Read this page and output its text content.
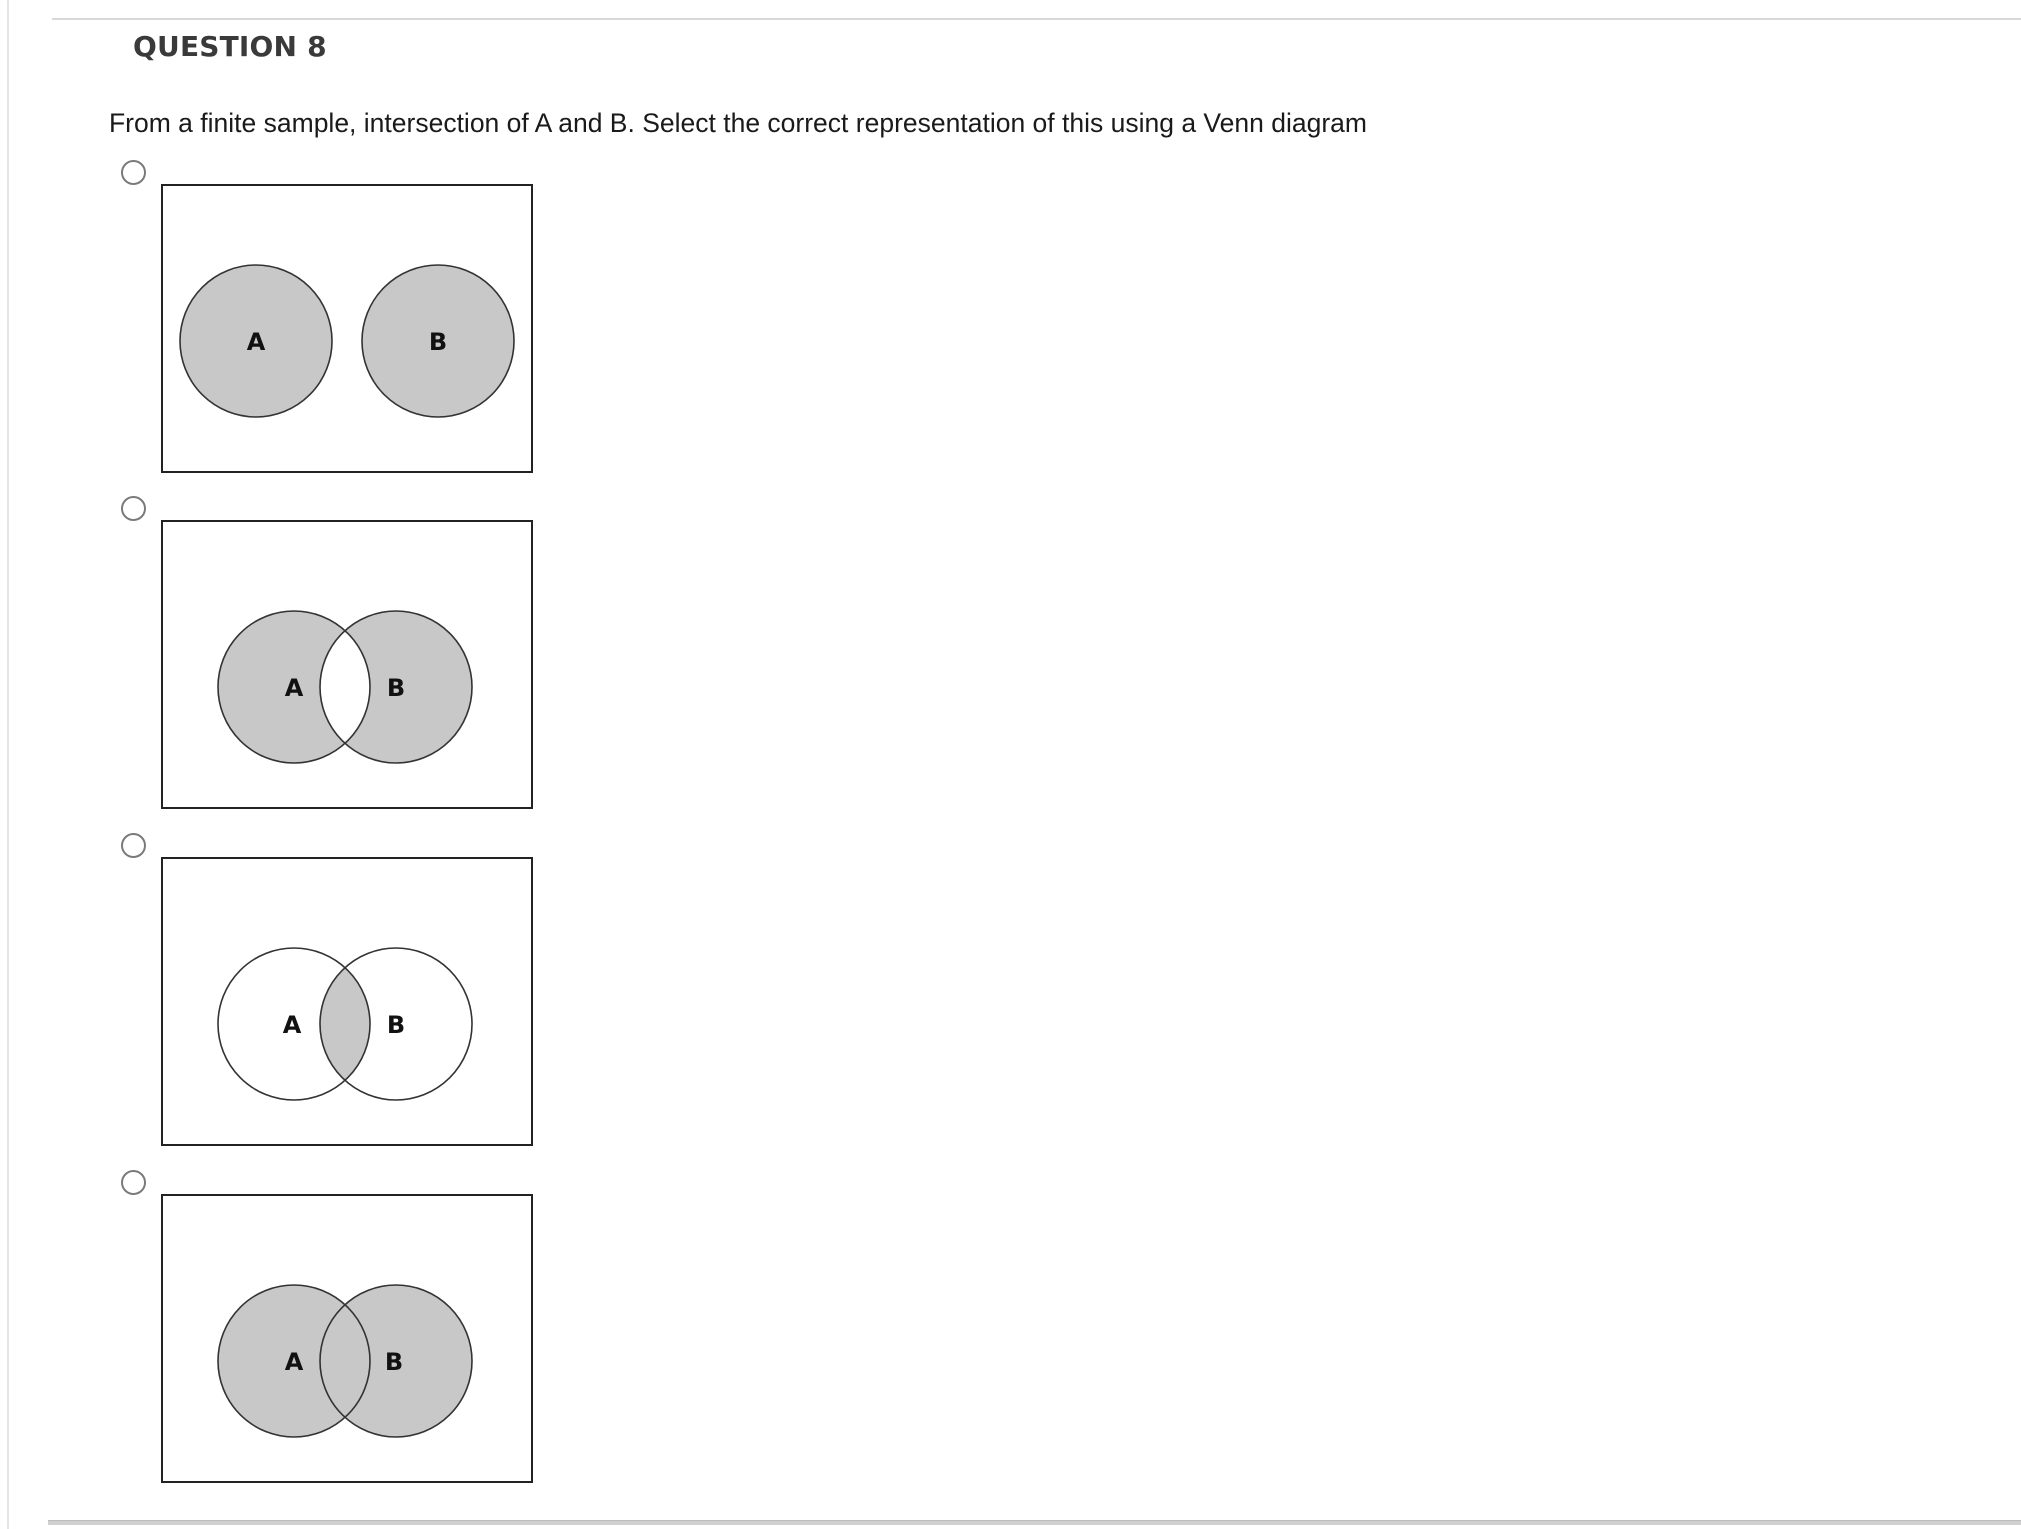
QUESTION 8

From a finite sample, intersection of A and B. Select the correct representation of this using a Venn diagram

A	B
A	B
A	B
A	B
